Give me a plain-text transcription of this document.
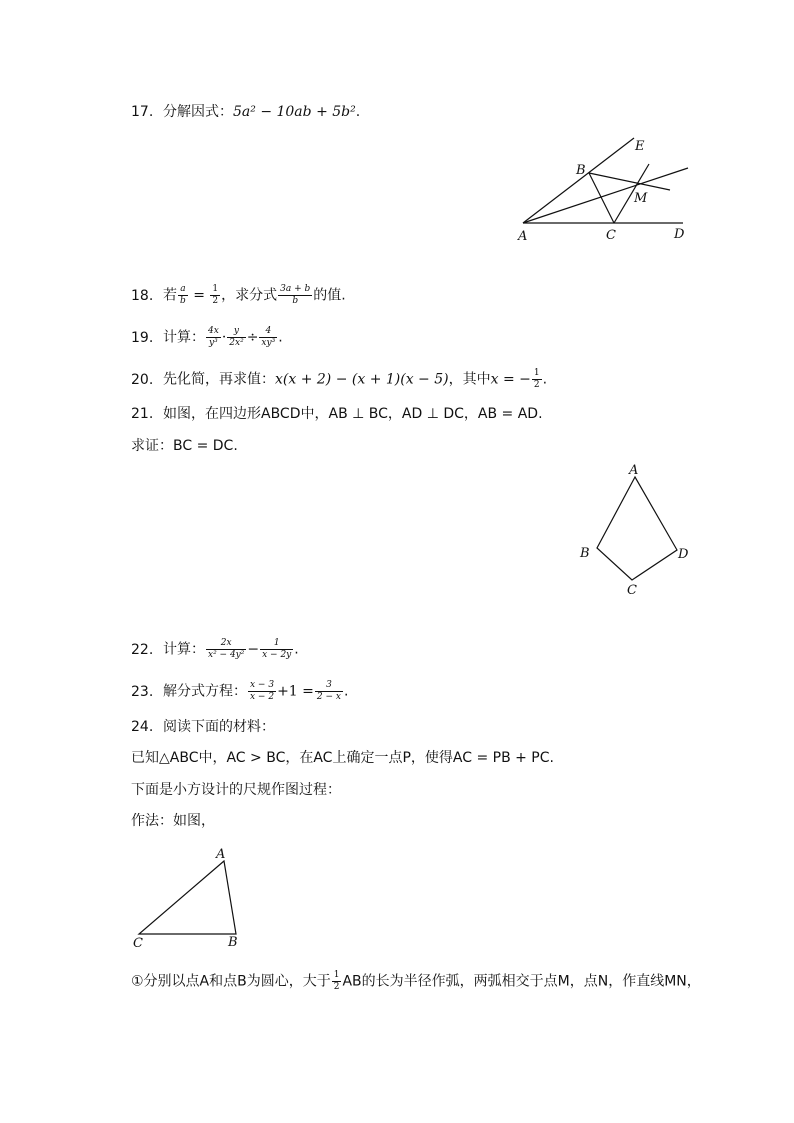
17. 分解因式：5a² − 10ab + 5b².
E
B
M
A	C	D
A
B	D
C
A
C	B
18. 若 $\frac{a}{b} = \frac{1}{2}$ ，求分式 $\frac{3a + b}{b}$ 的值.
19. 计算： $\frac{4x}{\text{y³}} \cdot \frac{y}{\text{2x²}} \div \frac{4}{\text{xy³}}$ .
20. 先化简，再求值：x(x + 2) − (x + 1)(x − 5)，其中x = − $\frac{1}{2}$ .
21. 如图，在四边形ABCD中，AB ⊥ BC，AD ⊥ DC，AB = AD.
求证：BC = DC.
22. 计算： $\frac{2x}{\text{x² − 4y²}} - \frac{1}{x - 2y}$ .
23. 解分式方程： $\frac{x - 3}{x - 2} +1 = \frac{3}{2 - x}$ .
24. 阅读下面的材料：
已知△ABC中，AC > BC，在AC上确定一点P，使得AC = PB + PC.
下面是小方设计的尺规作图过程：
作法：如图，
①分别以点A和点B为圆心，大于 $\frac{1}{2}$ AB的长为半径作弧，两弧相交于点M，点N，作直线MN，
